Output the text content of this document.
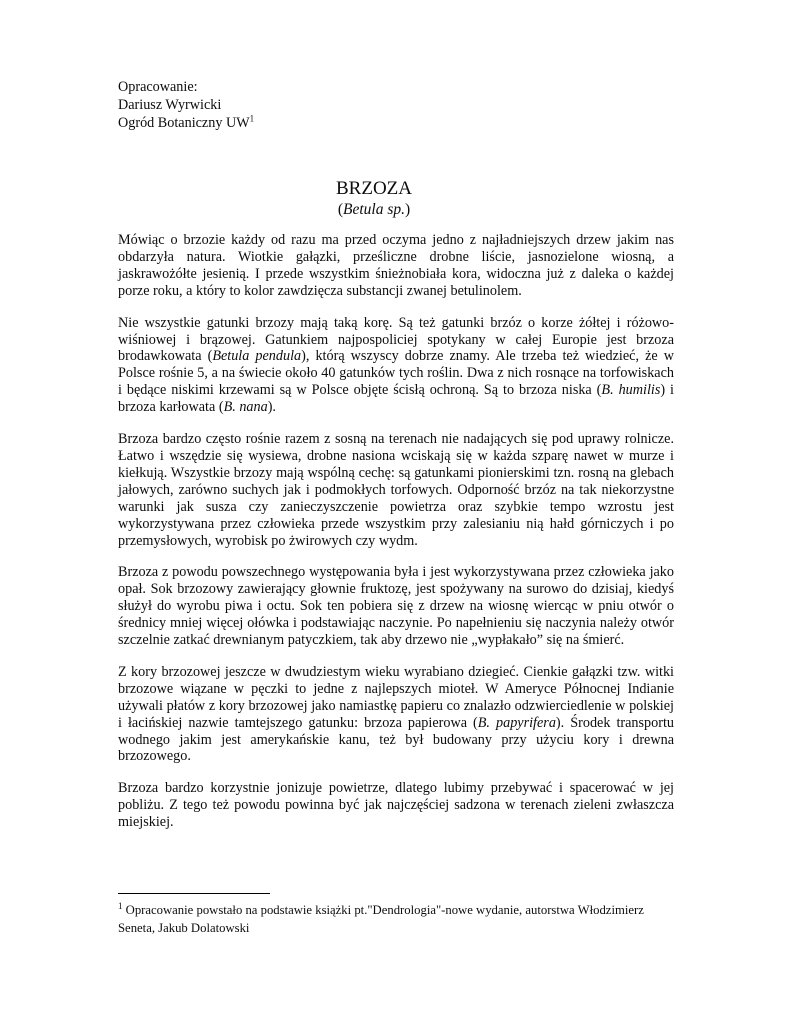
Opracowanie:
Dariusz Wyrwicki
Ogród Botaniczny UW$^1$
BRZOZA
(Betula sp.)

Mówiąc o brzozie każdy od razu ma przed oczyma jedno z najładniejszych drzew jakim nas obdarzyła natura. Wiotkie gałązki, prześliczne drobne liście, jasnozielone wiosną, a jaskrawożółte jesienią. I przede wszystkim śnieżnobiała kora, widoczna już z daleka o każdej porze roku, a który to kolor zawdzięcza substancji zwanej betulinolem.

Nie wszystkie gatunki brzozy mają taką korę. Są też gatunki brzóz o korze żółtej i różowo-wiśniowej i brązowej. Gatunkiem najpospoliciej spotykany w całej Europie jest brzoza brodawkowata (Betula pendula), którą wszyscy dobrze znamy. Ale trzeba też wiedzieć, że w Polsce rośnie 5, a na świecie około 40 gatunków tych roślin. Dwa z nich rosnące na torfowiskach i będące niskimi krzewami są w Polsce objęte ścisłą ochroną. Są to brzoza niska (B. humilis) i brzoza karłowata (B. nana).

Brzoza bardzo często rośnie razem z sosną na terenach nie nadających się pod uprawy rolnicze. Łatwo i wszędzie się wysiewa, drobne nasiona wciskają się w każda szparę nawet w murze i kiełkują. Wszystkie brzozy mają wspólną cechę: są gatunkami pionierskimi tzn. rosną na glebach jałowych, zarówno suchych jak i podmokłych torfowych. Odporność brzóz na tak niekorzystne warunki jak susza czy zanieczyszczenie powietrza oraz szybkie tempo wzrostu jest wykorzystywana przez człowieka przede wszystkim przy zalesianiu nią hałd górniczych i po przemysłowych, wyrobisk po żwirowych czy wydm.

Brzoza z powodu powszechnego występowania była i jest wykorzystywana przez człowieka jako opał. Sok brzozowy zawierający głownie fruktozę, jest spożywany na surowo do dzisiaj, kiedyś służył do wyrobu piwa i octu. Sok ten pobiera się z drzew na wiosnę wiercąc w pniu otwór o średnicy mniej więcej ołówka i podstawiając naczynie. Po napełnieniu się naczynia należy otwór szczelnie zatkać drewnianym patyczkiem, tak aby drzewo nie „wypłakało” się na śmierć.

Z kory brzozowej jeszcze w dwudziestym wieku wyrabiano dziegieć. Cienkie gałązki tzw. witki brzozowe wiązane w pęczki to jedne z najlepszych mioteł. W Ameryce Północnej Indianie używali płatów z kory brzozowej jako namiastkę papieru co znalazło odzwierciedlenie w polskiej i łacińskiej nazwie tamtejszego gatunku: brzoza papierowa (B. papyrifera). Środek transportu wodnego jakim jest amerykańskie kanu, też był budowany przy użyciu kory i drewna brzozowego.

Brzoza bardzo korzystnie jonizuje powietrze, dlatego lubimy przebywać i spacerować w jej pobliżu. Z tego też powodu powinna być jak najczęściej sadzona w terenach zieleni zwłaszcza miejskiej.

$^1$ Opracowanie powstało na podstawie książki pt."Dendrologia"-nowe wydanie, autorstwa Włodzimierz Seneta, Jakub Dolatowski
